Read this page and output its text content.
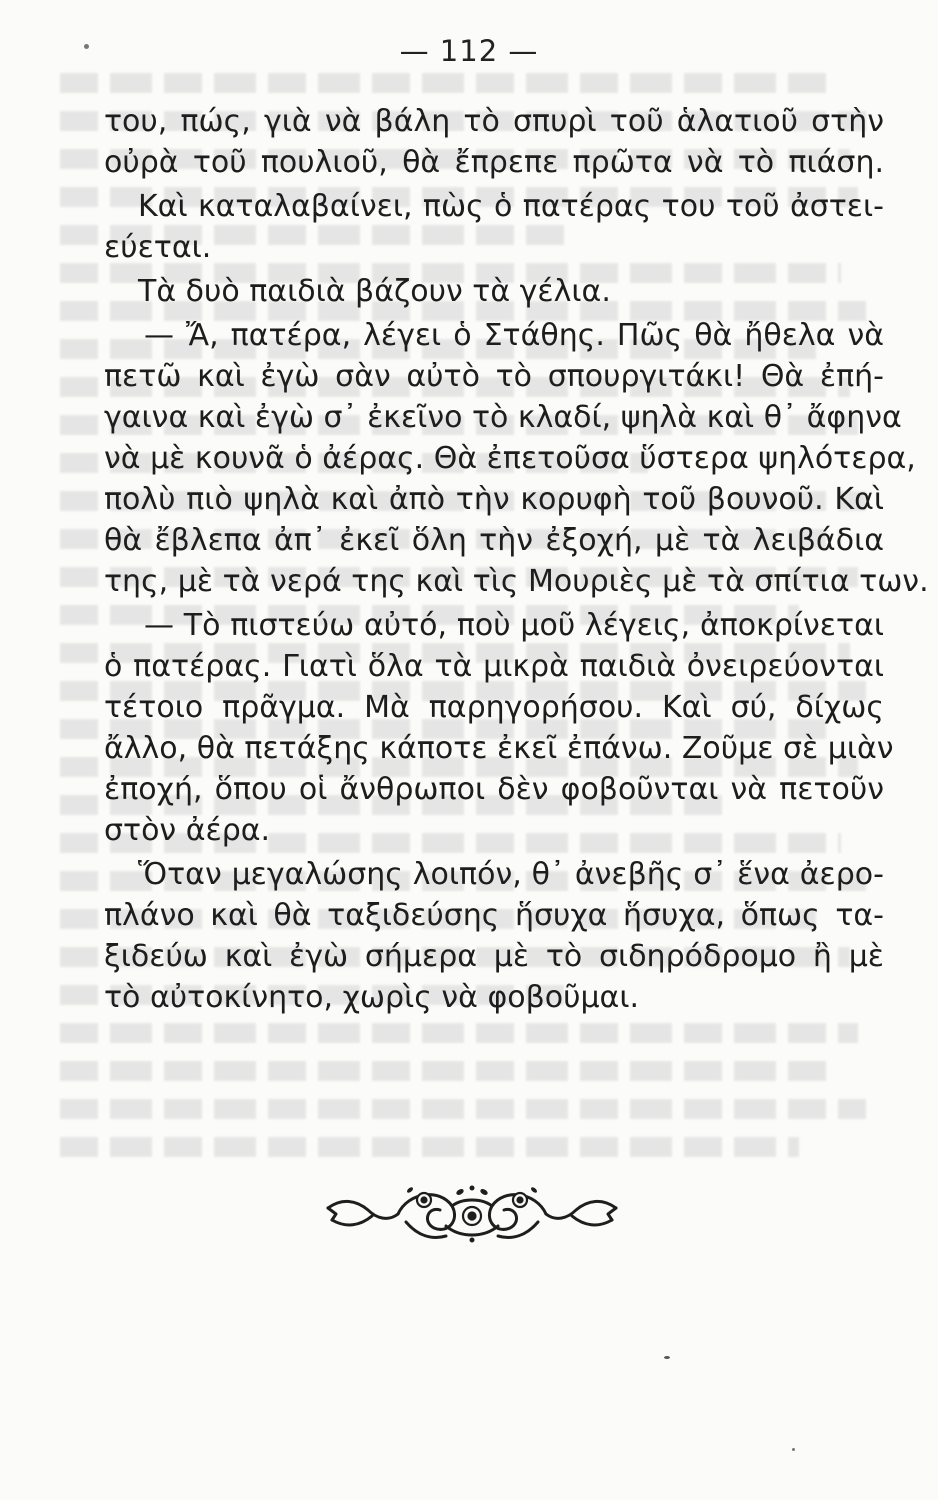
— 112 —
του, πώς, γιὰ νὰ βάλη τὸ σπυρὶ τοῦ ἁλατιοῦ στὴν
οὐρὰ τοῦ πουλιοῦ, θὰ ἔπρεπε πρῶτα νὰ τὸ πιάση.
Καὶ καταλαβαίνει, πὼς ὁ πατέρας του τοῦ ἀστει-
εύεται.
Τὰ δυὸ παιδιὰ βάζουν τὰ γέλια.
— Ἄ, πατέρα, λέγει ὁ Στάθης. Πῶς θὰ ἤθελα νὰ
πετῶ καὶ ἐγὼ σὰν αὐτὸ τὸ σπουργιτάκι! Θὰ ἐπή-
γαινα καὶ ἐγὼ σ᾿ ἐκεῖνο τὸ κλαδί, ψηλὰ καὶ θ᾿ ἄφηνα
νὰ μὲ κουνᾶ ὁ ἀέρας. Θὰ ἐπετοῦσα ὕστερα ψηλότερα,
πολὺ πιὸ ψηλὰ καὶ ἀπὸ τὴν κορυφὴ τοῦ βουνοῦ. Καὶ
θὰ ἔβλεπα ἀπ᾿ ἐκεῖ ὅλη τὴν ἐξοχή, μὲ τὰ λειβάδια
της, μὲ τὰ νερά της καὶ τὶς Μουριὲς μὲ τὰ σπίτια των.
— Τὸ πιστεύω αὐτό, ποὺ μοῦ λέγεις, ἀποκρίνεται
ὁ πατέρας. Γιατὶ ὅλα τὰ μικρὰ παιδιὰ ὀνειρεύονται
τέτοιο πρᾶγμα. Μὰ παρηγορήσου. Καὶ σύ, δίχως
ἄλλο, θὰ πετάξης κάποτε ἐκεῖ ἐπάνω. Ζοῦμε σὲ μιὰν
ἐποχή, ὅπου οἱ ἄνθρωποι δὲν φοβοῦνται νὰ πετοῦν
στὸν ἀέρα.
Ὅταν μεγαλώσης λοιπόν, θ᾿ ἀνεβῆς σ᾿ ἕνα ἀερο-
πλάνο καὶ θὰ ταξιδεύσης ἥσυχα ἥσυχα, ὅπως τα-
ξιδεύω καὶ ἐγὼ σήμερα μὲ τὸ σιδηρόδρομο ἢ μὲ
τὸ αὐτοκίνητο, χωρὶς νὰ φοβοῦμαι.
